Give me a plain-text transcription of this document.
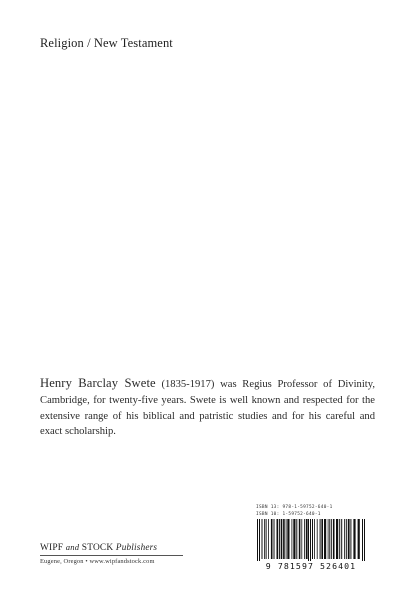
Religion / New Testament
Henry Barclay Swete (1835-1917) was Regius Professor of Divinity, Cambridge, for twenty-five years. Swete is well known and respected for the extensive range of his biblical and patristic studies and for his careful and exact scholarship.
ISBN 13: 978-1-59752-640-1
ISBN 10: 1-59752-640-1
9 781597 526401
WIPF and STOCK Publishers
Eugene, Oregon • www.wipfandstock.com
